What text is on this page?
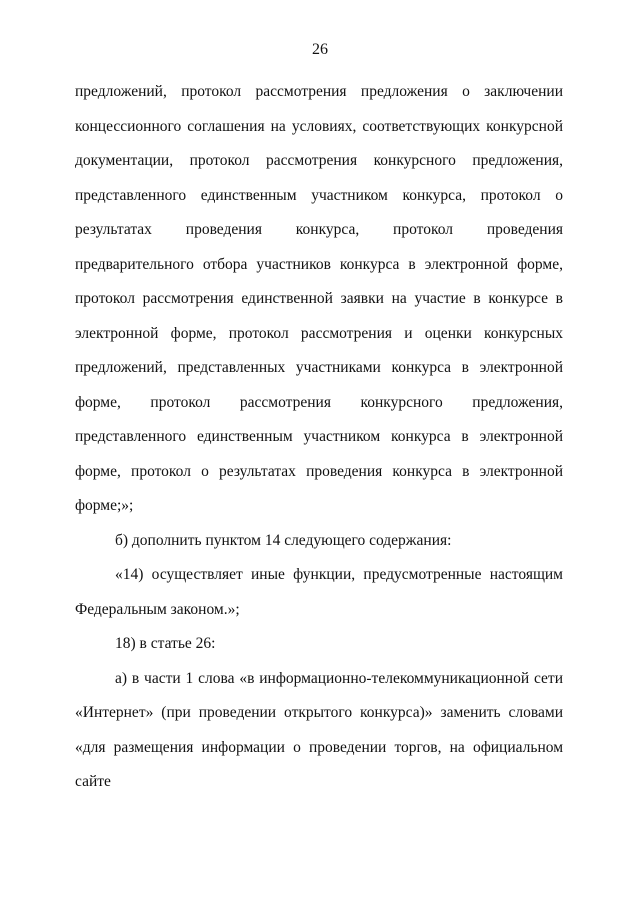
26

предложений, протокол рассмотрения предложения о заключении концессионного соглашения на условиях, соответствующих конкурсной документации, протокол рассмотрения конкурсного предложения, представленного единственным участником конкурса, протокол о результатах проведения конкурса, протокол проведения предварительного отбора участников конкурса в электронной форме, протокол рассмотрения единственной заявки на участие в конкурсе в электронной форме, протокол рассмотрения и оценки конкурсных предложений, представленных участниками конкурса в электронной форме, протокол рассмотрения конкурсного предложения, представленного единственным участником конкурса в электронной форме, протокол о результатах проведения конкурса в электронной форме;»;

б) дополнить пунктом 14 следующего содержания:

«14) осуществляет иные функции, предусмотренные настоящим Федеральным законом.»;

18) в статье 26:

а) в части 1 слова «в информационно-телекоммуникационной сети «Интернет» (при проведении открытого конкурса)» заменить словами «для размещения информации о проведении торгов, на официальном сайте
